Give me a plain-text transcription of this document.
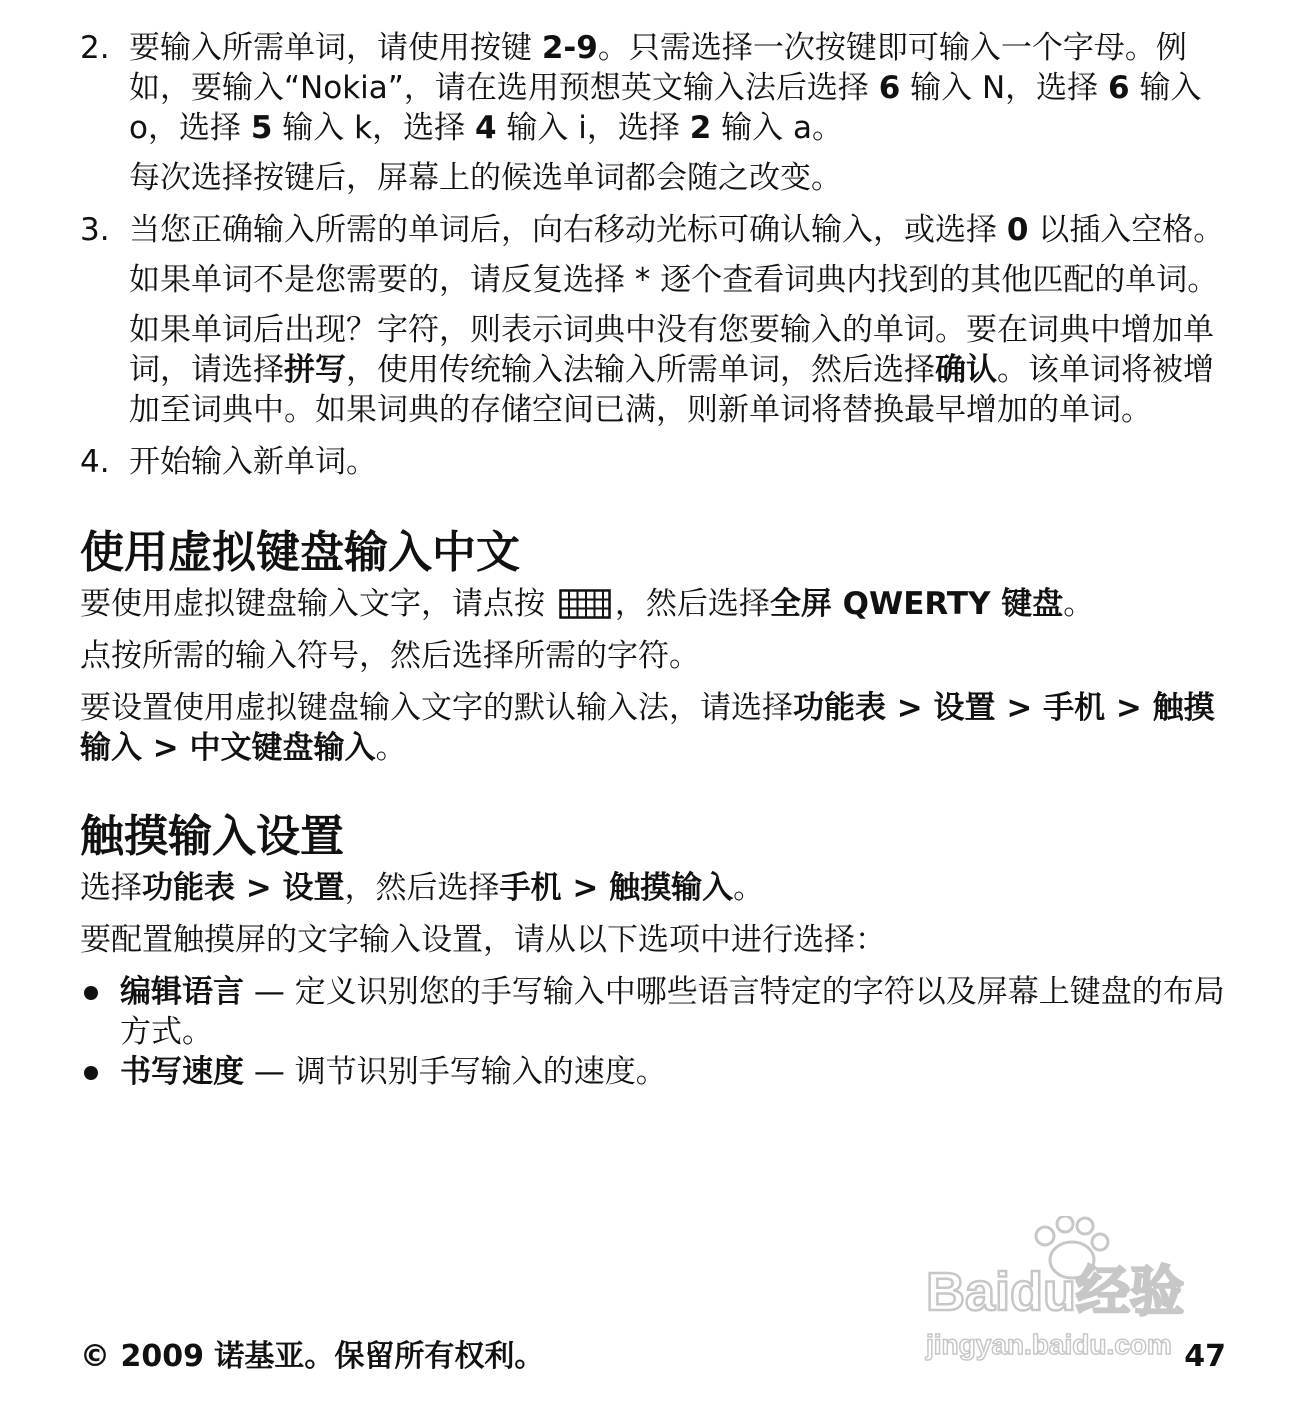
2. 要输入所需单词，请使用按键 2-9。只需选择一次按键即可输入一个字母。例如，要输入“Nokia”，请在选用预想英文输入法后选择 6 输入 N，选择 6 输入 o，选择 5 输入 k，选择 4 输入 i，选择 2 输入 a。
每次选择按键后，屏幕上的候选单词都会随之改变。
3. 当您正确输入所需的单词后，向右移动光标可确认输入，或选择 0 以插入空格。
如果单词不是您需要的，请反复选择 * 逐个查看词典内找到的其他匹配的单词。
如果单词后出现？字符，则表示词典中没有您要输入的单词。要在词典中增加单词，请选择拼写，使用传统输入法输入所需单词，然后选择确认。该单词将被增加至词典中。如果词典的存储空间已满，则新单词将替换最早增加的单词。
4. 开始输入新单词。
使用虚拟键盘输入中文
要使用虚拟键盘输入文字，请点按 ，然后选择全屏 QWERTY 键盘。
点按所需的输入符号，然后选择所需的字符。
要设置使用虚拟键盘输入文字的默认输入法，请选择功能表 > 设置 > 手机 > 触摸输入 > 中文键盘输入。
触摸输入设置
选择功能表 > 设置，然后选择手机 > 触摸输入。
要配置触摸屏的文字输入设置，请从以下选项中进行选择：
编辑语言 — 定义识别您的手写输入中哪些语言特定的字符以及屏幕上键盘的布局方式。
书写速度 — 调节识别手写输入的速度。
Baidu经验
jingyan.baidu.com
© 2009 诺基亚。保留所有权利。	47
